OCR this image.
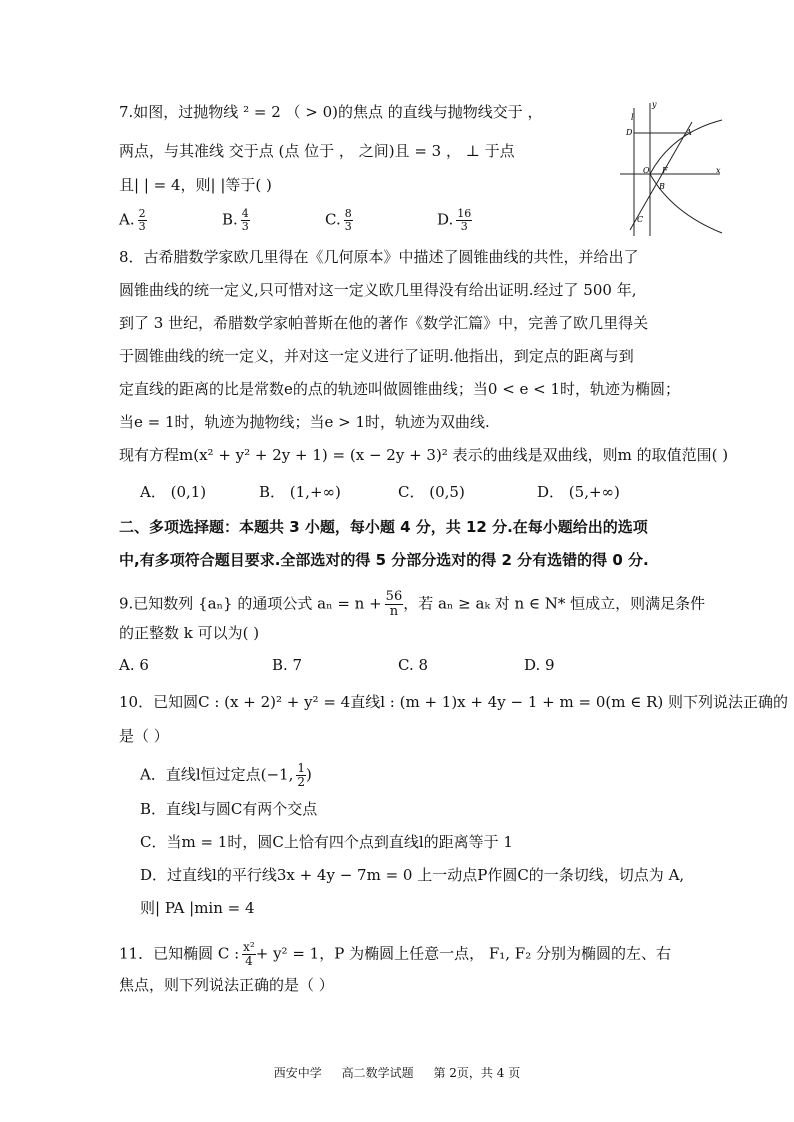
7.如图，过抛物线 ² = 2 （ > 0)的焦点 的直线与抛物线交于 ，
两点，与其准线 交于点 (点 位于 ， 之间)且 = 3 ， ⊥ 于点
且| | = 4，则| |等于( )
A. $\frac{2}{3}$	B. $\frac{4}{3}$	C. $\frac{8}{3}$	D. $\frac{16}{3}$
l
y
D	A
O F	x
B
C
8．古希腊数学家欧几里得在《几何原本》中描述了圆锥曲线的共性，并给出了
圆锥曲线的统一定义,只可惜对这一定义欧几里得没有给出证明.经过了 500 年,
到了 3 世纪，希腊数学家帕普斯在他的著作《数学汇篇》中，完善了欧几里得关
于圆锥曲线的统一定义，并对这一定义进行了证明.他指出，到定点的距离与到
定直线的距离的比是常数e的点的轨迹叫做圆锥曲线；当0 < e < 1时，轨迹为椭圆；
当e = 1时，轨迹为抛物线；当e > 1时，轨迹为双曲线.
现有方程m(x² + y² + 2y + 1) = (x − 2y + 3)² 表示的曲线是双曲线，则m 的取值范围( )
A． (0,1)	B． (1,+∞)	C． (0,5)	D． (5,+∞)
二、多项选择题：本题共 3 小题，每小题 4 分，共 12 分.在每小题给出的选项
中,有多项符合题目要求.全部选对的得 5 分部分选对的得 2 分有选错的得 0 分.
9.已知数列 {aₙ} 的通项公式 $a_n = n + \frac{56}{n}$ ，若 aₙ ≥ aₖ 对 n ∈ N* 恒成立，则满足条件
的正整数 k 可以为( )
A. 6	B. 7	C. 8	D. 9
10．已知圆C : (x + 2)² + y² = 4直线l : (m + 1)x + 4y − 1 + m = 0(m ∈ R) 则下列说法正确的
是（ ）
A．直线l恒过定点(−1, $\frac{1}{2}$ )
B．直线l与圆C有两个交点
C．当m = 1时，圆C上恰有四个点到直线l的距离等于 1
D．过直线l的平行线3x + 4y − 7m = 0 上一动点P作圆C的一条切线，切点为 A,
则| PA |min = 4
11．已知椭圆 C : $\frac{\text{x²}}{4} + y^2 = 1$，P 为椭圆上任意一点， F₁, F₂ 分别为椭圆的左、右
焦点，则下列说法正确的是（ ）
西安中学 高二数学试题 第 2页，共 4 页
